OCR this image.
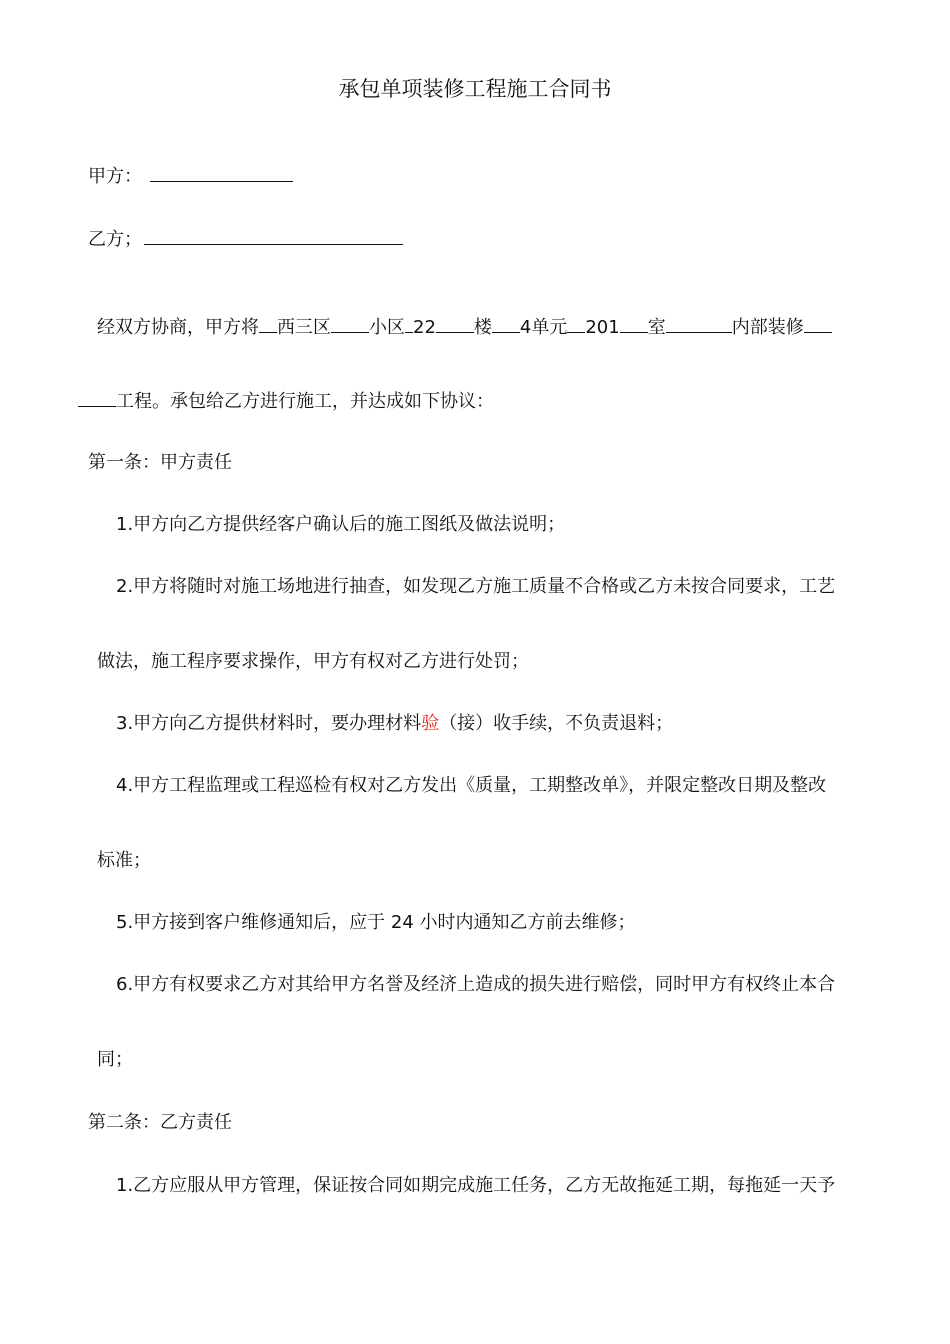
承包单项装修工程施工合同书
甲方：
乙方；
经双方协商，甲方将 西三区 小区 22 楼 4单元 201 室	内部装修
工程。承包给乙方进行施工，并达成如下协议：
第一条：甲方责任
1.甲方向乙方提供经客户确认后的施工图纸及做法说明；
2.甲方将随时对施工场地进行抽查，如发现乙方施工质量不合格或乙方未按合同要求，工艺
做法，施工程序要求操作，甲方有权对乙方进行处罚；
3.甲方向乙方提供材料时，要办理材料验（接）收手续，不负责退料；
4.甲方工程监理或工程巡检有权对乙方发出《质量，工期整改单》，并限定整改日期及整改
标准；
5.甲方接到客户维修通知后，应于 24 小时内通知乙方前去维修；
6.甲方有权要求乙方对其给甲方名誉及经济上造成的损失进行赔偿，同时甲方有权终止本合
同；
第二条：乙方责任
1.乙方应服从甲方管理，保证按合同如期完成施工任务，乙方无故拖延工期，每拖延一天予
